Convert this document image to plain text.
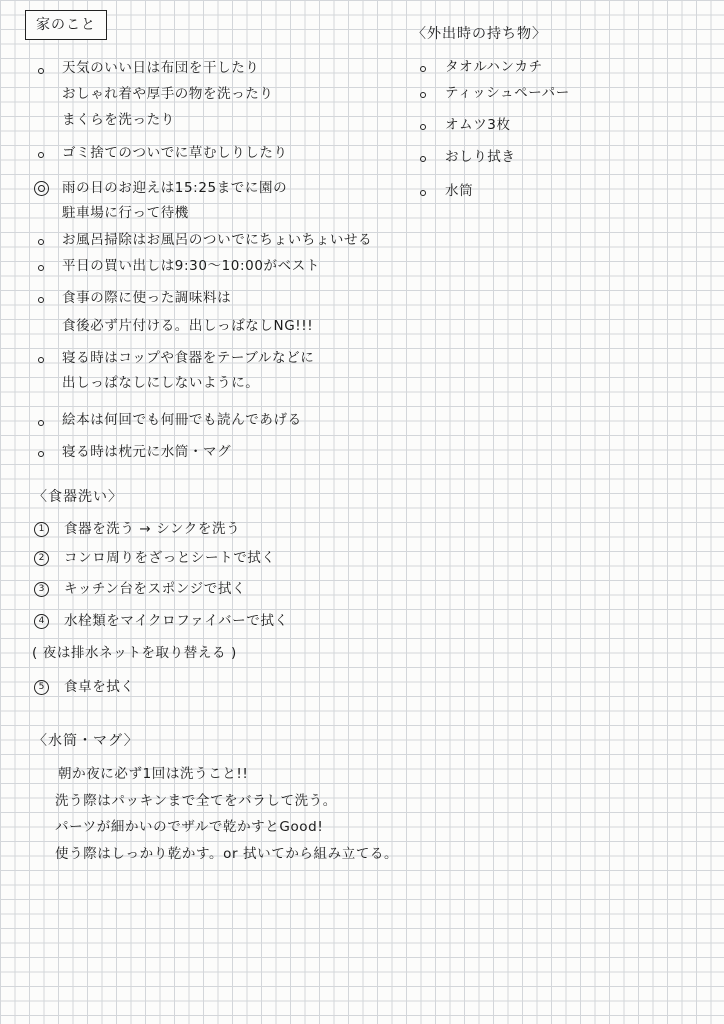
家のこと
天気のいい日は布団を干したり
おしゃれ着や厚手の物を洗ったり
まくらを洗ったり
ゴミ捨てのついでに草むしりしたり
雨の日のお迎えは15:25までに園の
駐車場に行って待機
お風呂掃除はお風呂のついでにちょいちょいせる
平日の買い出しは9:30〜10:00がベスト
食事の際に使った調味料は
食後必ず片付ける。出しっぱなしNG!!!
寝る時はコップや食器をテーブルなどに
出しっぱなしにしないように。
絵本は何回でも何冊でも読んであげる
寝る時は枕元に水筒・マグ
〈外出時の持ち物〉
タオルハンカチ
ティッシュペーパー
オムツ3枚
おしり拭き
水筒
〈食器洗い〉
1	食器を洗う → シンクを洗う
2	コンロ周りをざっとシートで拭く
3	キッチン台をスポンジで拭く
4	水栓類をマイクロファイバーで拭く
( 夜は排水ネットを取り替える )
5	食卓を拭く
〈水筒・マグ〉
朝か夜に必ず1回は洗うこと!!
洗う際はパッキンまで全てをバラして洗う。
パーツが細かいのでザルで乾かすとGood!
使う際はしっかり乾かす。or 拭いてから組み立てる。
